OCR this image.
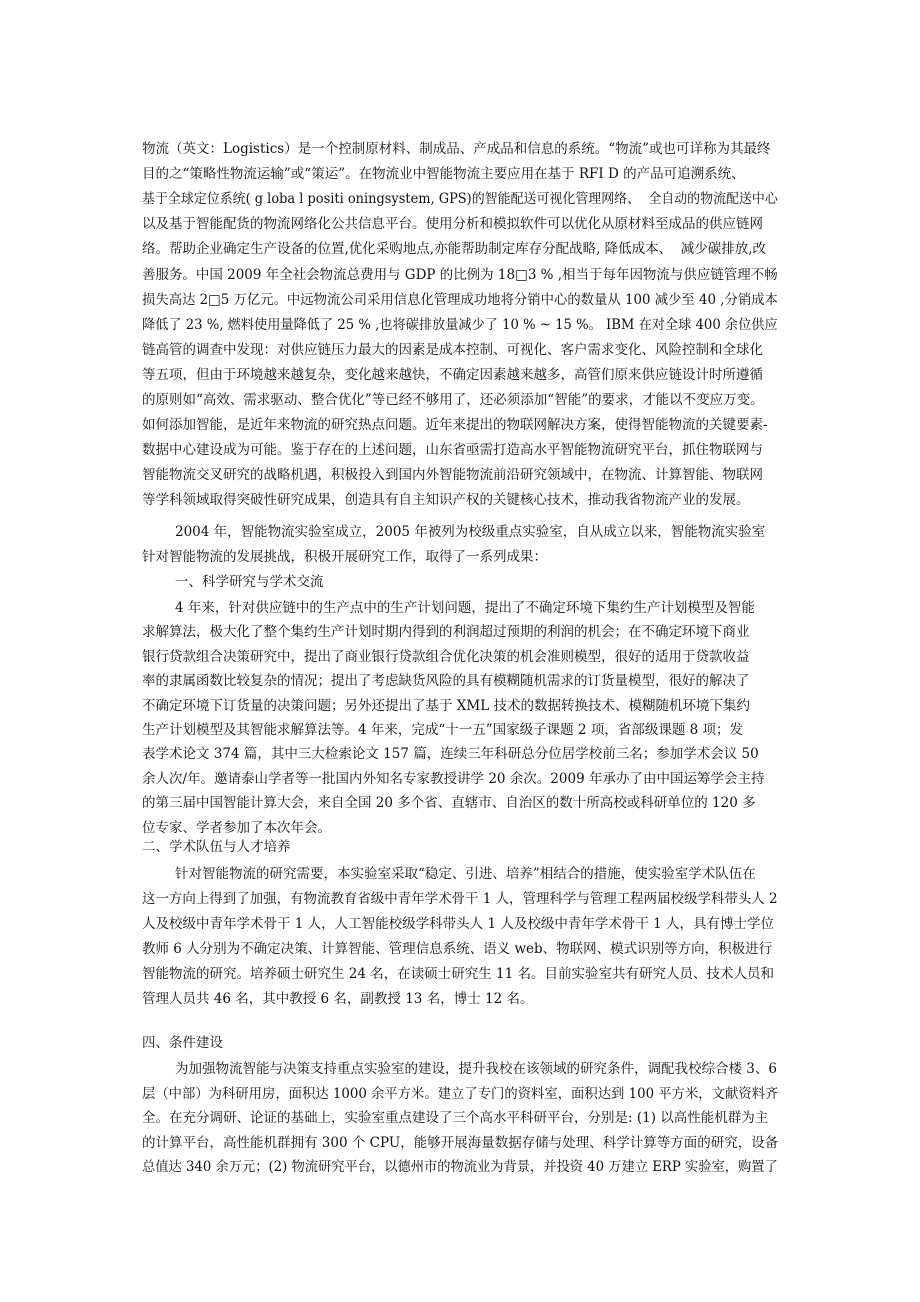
物流（英文：Logistics）是一个控制原材料、制成品、产成品和信息的系统。“物流”或也可详称为其最终
目的之“策略性物流运输”或“策运”。在物流业中智能物流主要应用在基于 RFI D 的产品可追溯系统、
基于全球定位系统( g loba l positi oningsystem, GPS)的智能配送可视化管理网络、  全自动的物流配送中心
以及基于智能配货的物流网络化公共信息平台。使用分析和模拟软件可以优化从原材料至成品的供应链网
络。帮助企业确定生产设备的位置,优化采购地点,亦能帮助制定库存分配战略, 降低成本、  减少碳排放,改
善服务。中国 2009 年全社会物流总费用与 GDP 的比例为 18□3 % ,相当于每年因物流与供应链管理不畅
损失高达 2□5 万亿元。中远物流公司采用信息化管理成功地将分销中心的数量从 100 减少至 40 ,分销成本
降低了 23 %, 燃料使用量降低了 25 % ,也将碳排放量减少了 10 % ~ 15 %。 IBM 在对全球 400 余位供应
链高管的调查中发现：对供应链压力最大的因素是成本控制、可视化、客户需求变化、风险控制和全球化
等五项，但由于环境越来越复杂，变化越来越快，不确定因素越来越多，高管们原来供应链设计时所遵循
的原则如“高效、需求驱动、整合优化”等已经不够用了，还必须添加“智能”的要求，才能以不变应万变。
如何添加智能，是近年来物流的研究热点问题。近年来提出的物联网解决方案，使得智能物流的关键要素-
数据中心建设成为可能。鉴于存在的上述问题，山东省亟需打造高水平智能物流研究平台，抓住物联网与
智能物流交叉研究的战略机遇，积极投入到国内外智能物流前沿研究领域中，在物流、计算智能、物联网
等学科领域取得突破性研究成果，创造具有自主知识产权的关键核心技术，推动我省物流产业的发展。
2004 年，智能物流实验室成立，2005 年被列为校级重点实验室，自从成立以来，智能物流实验室
针对智能物流的发展挑战，积极开展研究工作，取得了一系列成果：
一、科学研究与学术交流
4 年来，针对供应链中的生产点中的生产计划问题，提出了不确定环境下集约生产计划模型及智能
求解算法，极大化了整个集约生产计划时期内得到的利润超过预期的利润的机会；在不确定环境下商业
银行贷款组合决策研究中，提出了商业银行贷款组合优化决策的机会准则模型，很好的适用于贷款收益
率的隶属函数比较复杂的情况；提出了考虑缺货风险的具有模糊随机需求的订货量模型，很好的解决了
不确定环境下订货量的决策问题；另外还提出了基于 XML 技术的数据转换技术、模糊随机环境下集约
生产计划模型及其智能求解算法等。4 年来，完成“十一五”国家级子课题 2 项，省部级课题 8 项；发
表学术论文 374 篇，其中三大检索论文 157 篇，连续三年科研总分位居学校前三名；参加学术会议 50
余人次/年。邀请泰山学者等一批国内外知名专家教授讲学 20 余次。2009 年承办了由中国运筹学会主持
的第三届中国智能计算大会，来自全国 20 多个省、直辖市、自治区的数十所高校或科研单位的 120 多
位专家、学者参加了本次年会。
二、学术队伍与人才培养
针对智能物流的研究需要，本实验室采取“稳定、引进、培养”相结合的措施，使实验室学术队伍在
这一方向上得到了加强，有物流教育省级中青年学术骨干 1 人，管理科学与管理工程两届校级学科带头人 2
人及校级中青年学术骨干 1 人，人工智能校级学科带头人 1 人及校级中青年学术骨干 1 人，具有博士学位
教师 6 人分别为不确定决策、计算智能、管理信息系统、语义 web、物联网、模式识别等方向，积极进行
智能物流的研究。培养硕士研究生 24 名，在读硕士研究生 11 名。目前实验室共有研究人员、技术人员和
管理人员共 46 名，其中教授 6 名，副教授 13 名，博士 12 名。
四、条件建设
为加强物流智能与决策支持重点实验室的建设，提升我校在该领域的研究条件，调配我校综合楼 3、6
层（中部）为科研用房，面积达 1000 余平方米。建立了专门的资料室，面积达到 100 平方米，文献资料齐
全。在充分调研、论证的基础上，实验室重点建设了三个高水平科研平台，分别是: (1) 以高性能机群为主
的计算平台，高性能机群拥有 300 个 CPU，能够开展海量数据存储与处理、科学计算等方面的研究，设备
总值达 340 余万元；(2) 物流研究平台，以德州市的物流业为背景，并投资 40 万建立 ERP 实验室，购置了
